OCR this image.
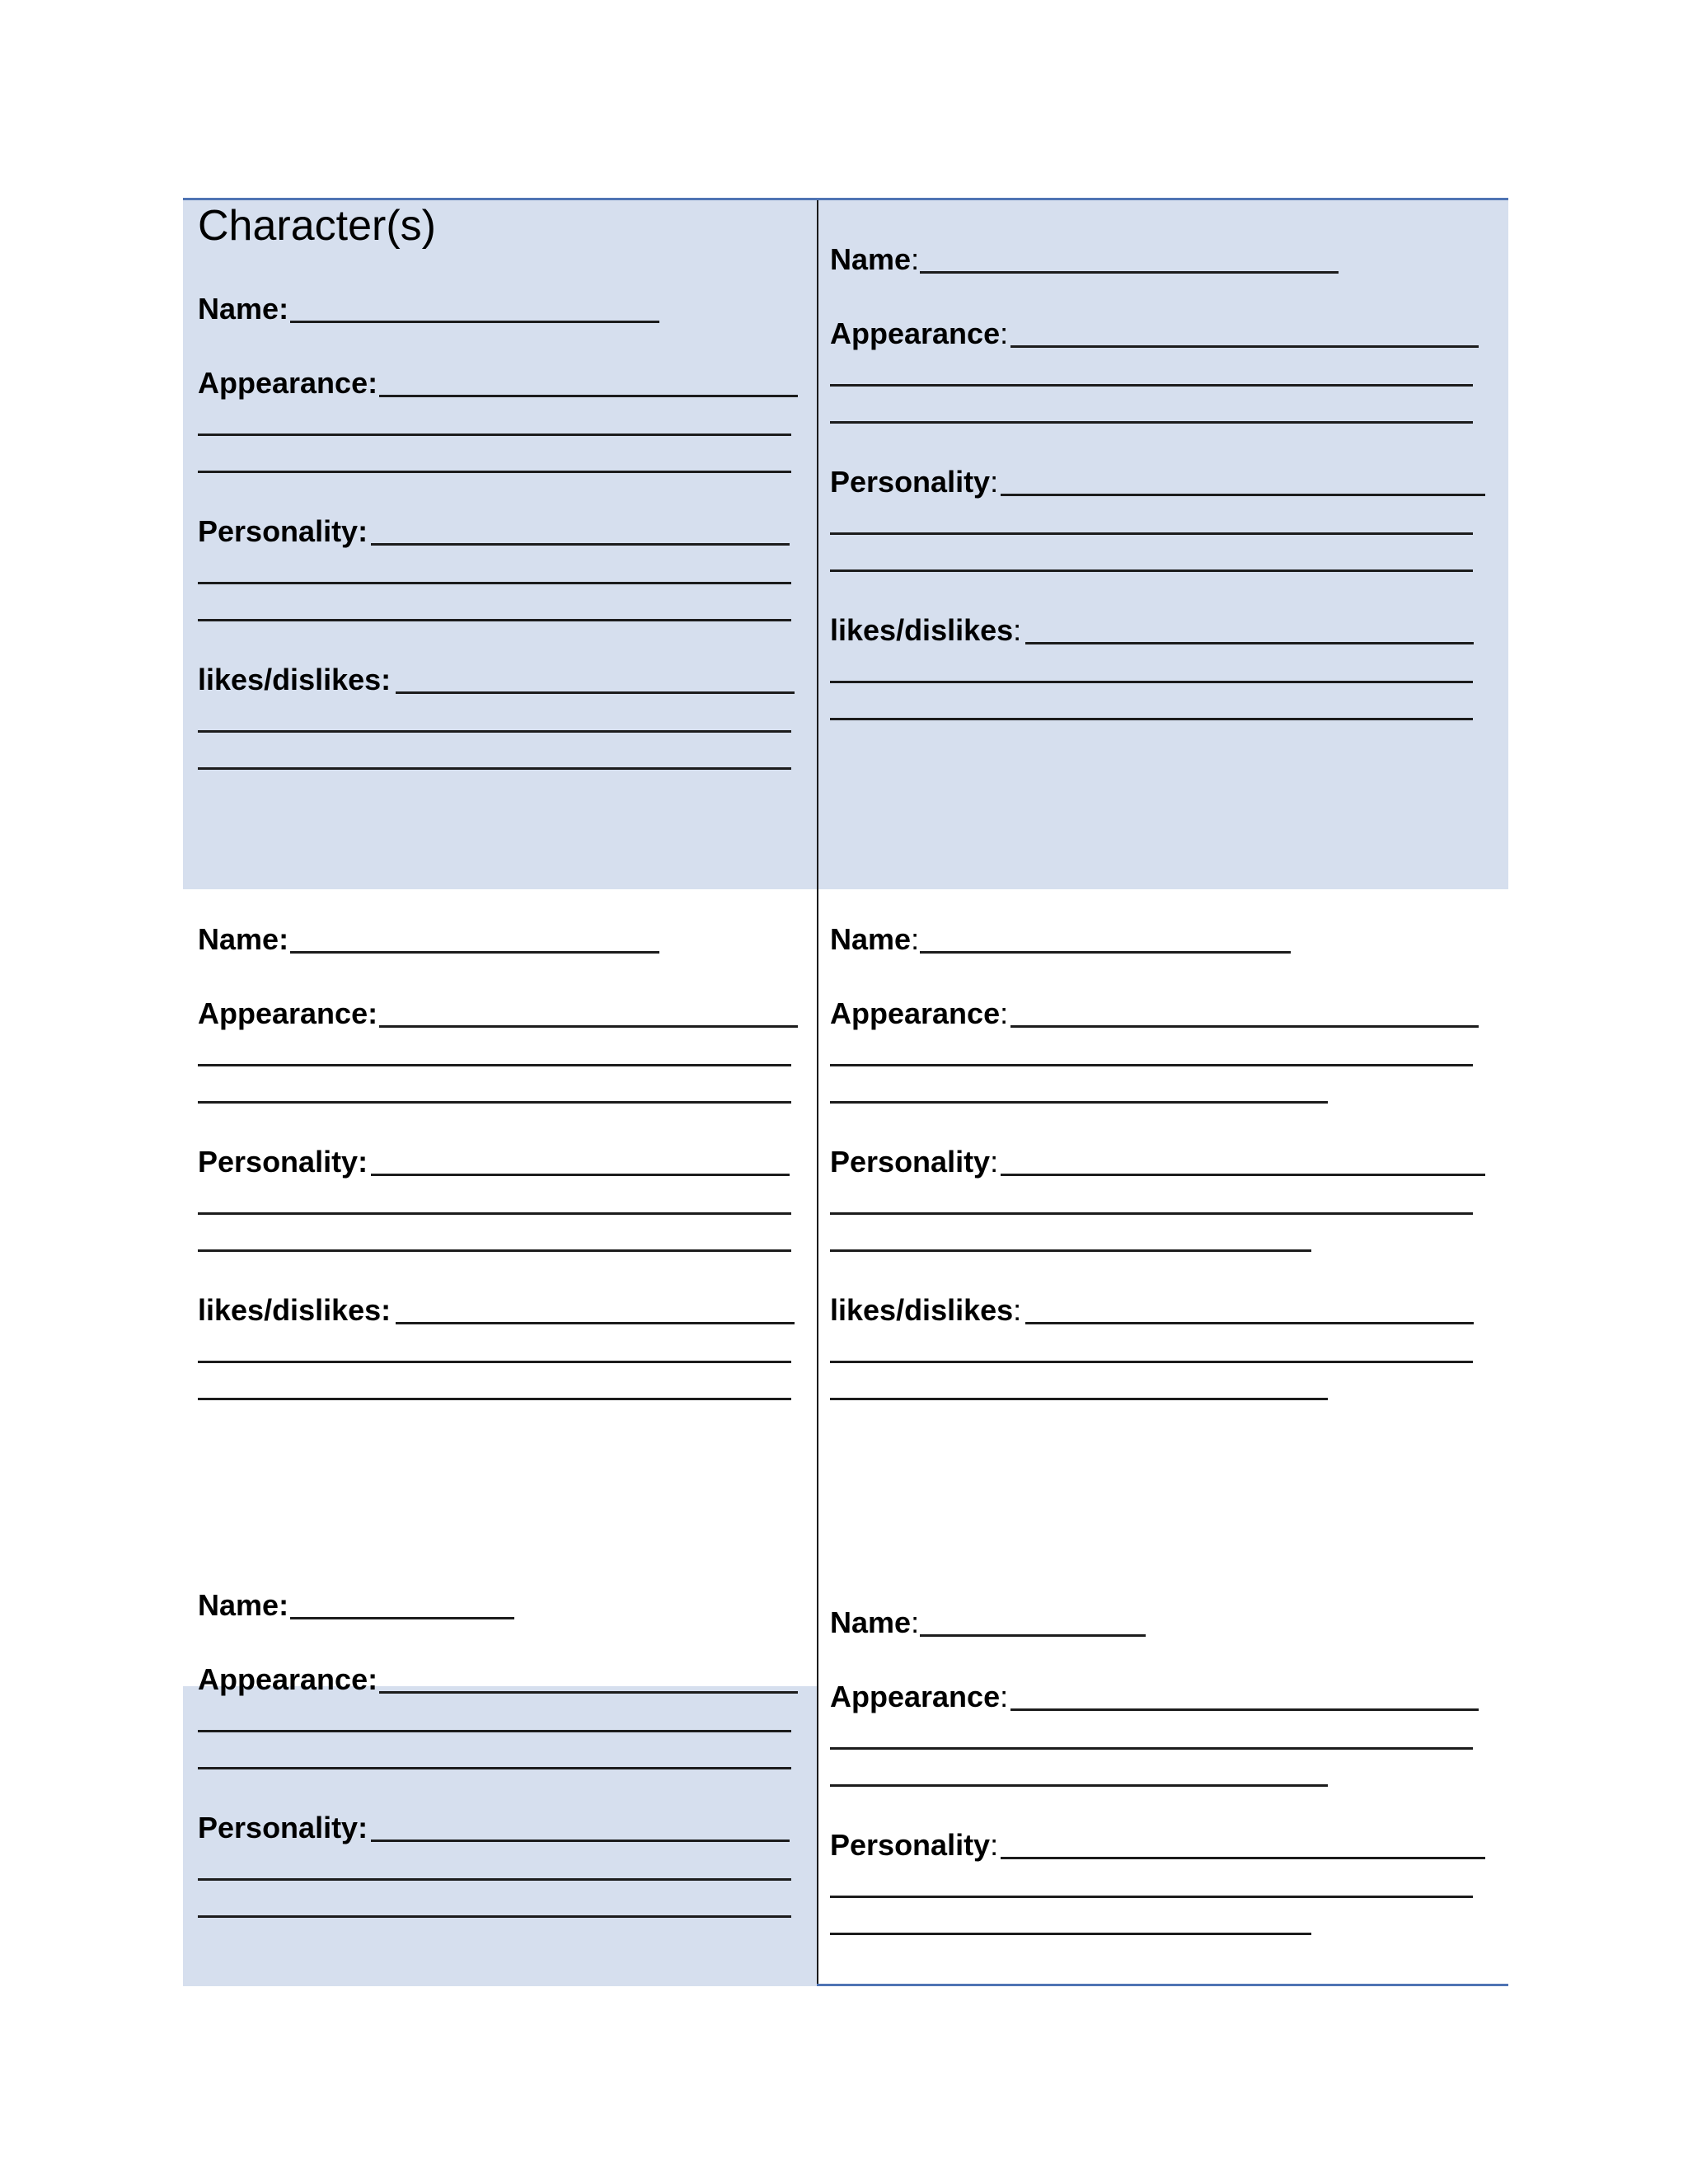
Character(s)
Name:
Appearance:
Personality:
likes/dislikes:
Name:
Appearance:
Personality:
likes/dislikes:
Name:
Appearance:
Personality:
likes/dislikes:
Name:
Appearance:
Personality:
likes/dislikes:
Name:
Appearance:
Personality:
Name:
Appearance:
Personality:
